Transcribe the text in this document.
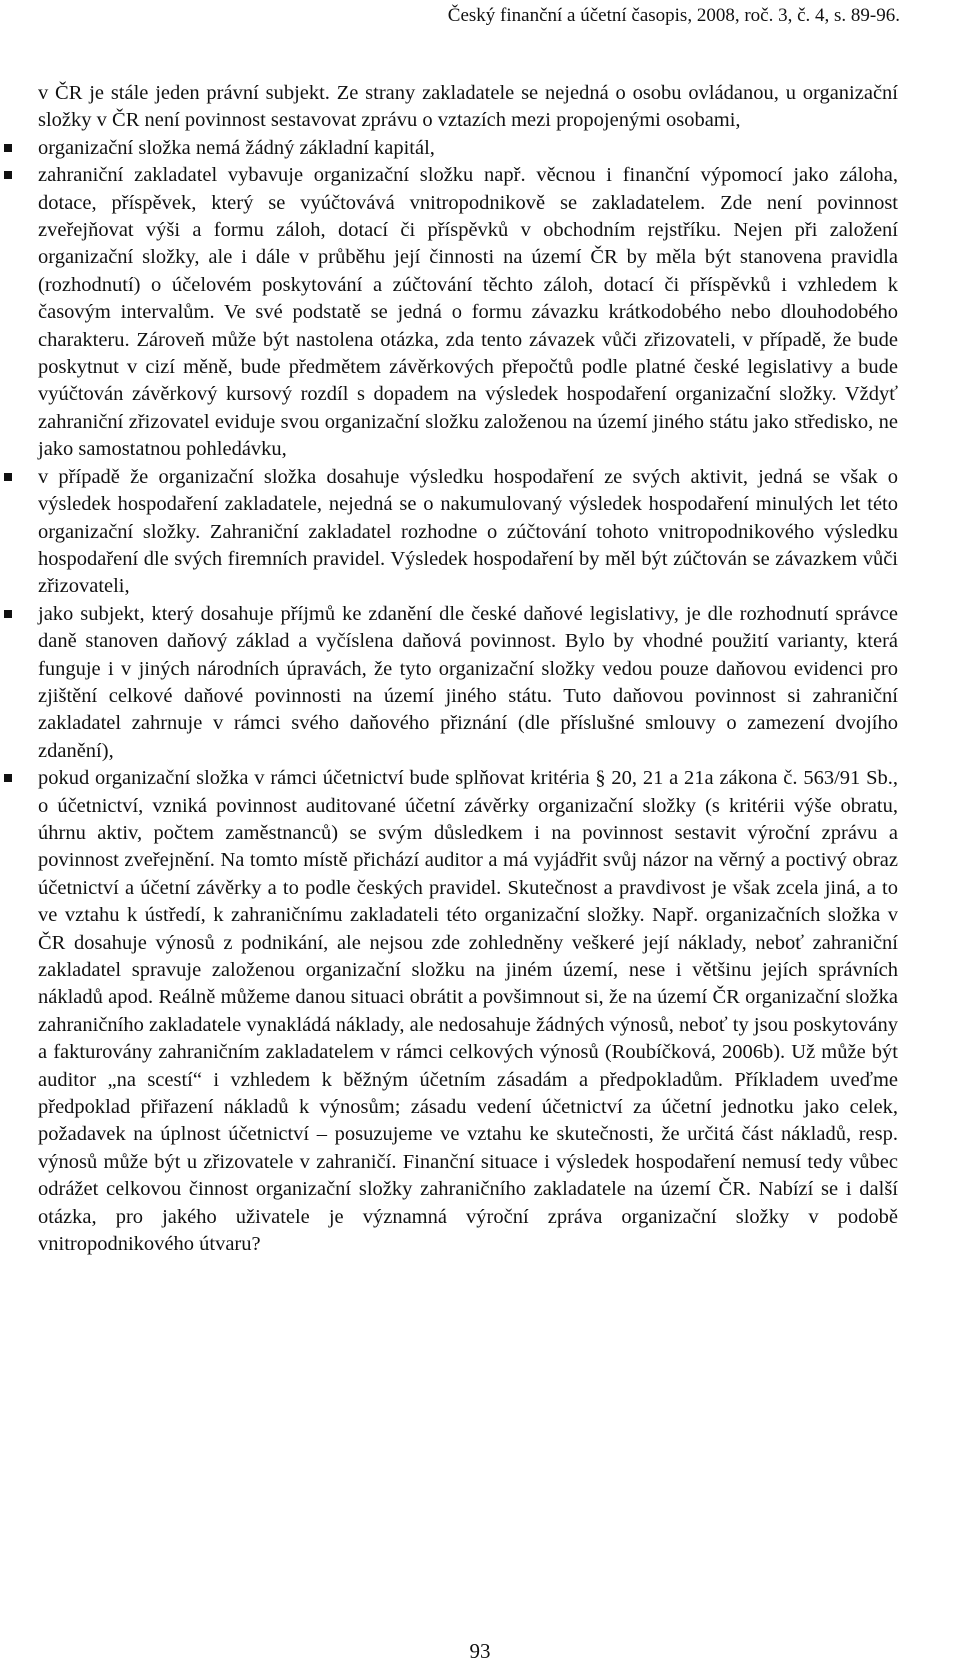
Český finanční a účetní časopis, 2008, roč. 3, č. 4, s. 89-96.

v ČR je stále jeden právní subjekt. Ze strany zakladatele se nejedná o osobu ovládanou, u organizační složky v ČR není povinnost sestavovat zprávu o vztazích mezi propojenými osobami,

organizační složka nemá žádný základní kapitál,
zahraniční zakladatel vybavuje organizační složku např. věcnou i finanční výpomocí jako záloha, dotace, příspěvek, který se vyúčtovává vnitropodnikově se zakladatelem. Zde není povinnost zveřejňovat výši a formu záloh, dotací či příspěvků v obchodním rejstříku. Nejen při založení organizační složky, ale i dále v průběhu její činnosti na území ČR by měla být stanovena pravidla (rozhodnutí) o účelovém poskytování a zúčtování těchto záloh, dotací či příspěvků i vzhledem k časovým intervalům. Ve své podstatě se jedná o formu závazku krátkodobého nebo dlouhodobého charakteru. Zároveň může být nastolena otázka, zda tento závazek vůči zřizovateli, v případě, že bude poskytnut v cizí měně, bude předmětem závěrkových přepočtů podle platné české legislativy a bude vyúčtován závěrkový kursový rozdíl s dopadem na výsledek hospodaření organizační složky. Vždyť zahraniční zřizovatel eviduje svou organizační složku založenou na území jiného státu jako středisko, ne jako samostatnou pohledávku,
v případě že organizační složka dosahuje výsledku hospodaření ze svých aktivit, jedná se však o výsledek hospodaření zakladatele, nejedná se o nakumulovaný výsledek hospodaření minulých let této organizační složky. Zahraniční zakladatel rozhodne o zúčtování tohoto vnitropodnikového výsledku hospodaření dle svých firemních pravidel. Výsledek hospodaření by měl být zúčtován se závazkem vůči zřizovateli,
jako subjekt, který dosahuje příjmů ke zdanění dle české daňové legislativy, je dle rozhodnutí správce daně stanoven daňový základ a vyčíslena daňová povinnost. Bylo by vhodné použití varianty, která funguje i v jiných národních úpravách, že tyto organizační složky vedou pouze daňovou evidenci pro zjištění celkové daňové povinnosti na území jiného státu. Tuto daňovou povinnost si zahraniční zakladatel zahrnuje v rámci svého daňového přiznání (dle příslušné smlouvy o zamezení dvojího zdanění),
pokud organizační složka v rámci účetnictví bude splňovat kritéria § 20, 21 a 21a zákona č. 563/91 Sb., o účetnictví, vzniká povinnost auditované účetní závěrky organizační složky (s kritérii výše obratu, úhrnu aktiv, počtem zaměstnanců) se svým důsledkem i na povinnost sestavit výroční zprávu a povinnost zveřejnění. Na tomto místě přichází auditor a má vyjádřit svůj názor na věrný a poctivý obraz účetnictví a účetní závěrky a to podle českých pravidel. Skutečnost a pravdivost je však zcela jiná, a to ve vztahu k ústředí, k zahraničnímu zakladateli této organizační složky. Např. organizačních složka v ČR dosahuje výnosů z podnikání, ale nejsou zde zohledněny veškeré její náklady, neboť zahraniční zakladatel spravuje založenou organizační složku na jiném území, nese i většinu jejích správních nákladů apod. Reálně můžeme danou situaci obrátit a povšimnout si, že na území ČR organizační složka zahraničního zakladatele vynakládá náklady, ale nedosahuje žádných výnosů, neboť ty jsou poskytovány a fakturovány zahraničním zakladatelem v rámci celkových výnosů (Roubíčková, 2006b). Už může být auditor „na scestí“ i vzhledem k běžným účetním zásadám a předpokladům. Příkladem uveďme předpoklad přiřazení nákladů k výnosům; zásadu vedení účetnictví za účetní jednotku jako celek, požadavek na úplnost účetnictví – posuzujeme ve vztahu ke skutečnosti, že určitá část nákladů, resp. výnosů může být u zřizovatele v zahraničí. Finanční situace i výsledek hospodaření nemusí tedy vůbec odrážet celkovou činnost organizační složky zahraničního zakladatele na území ČR. Nabízí se i další otázka, pro jakého uživatele je významná výroční zpráva organizační složky v podobě vnitropodnikového útvaru?
93
